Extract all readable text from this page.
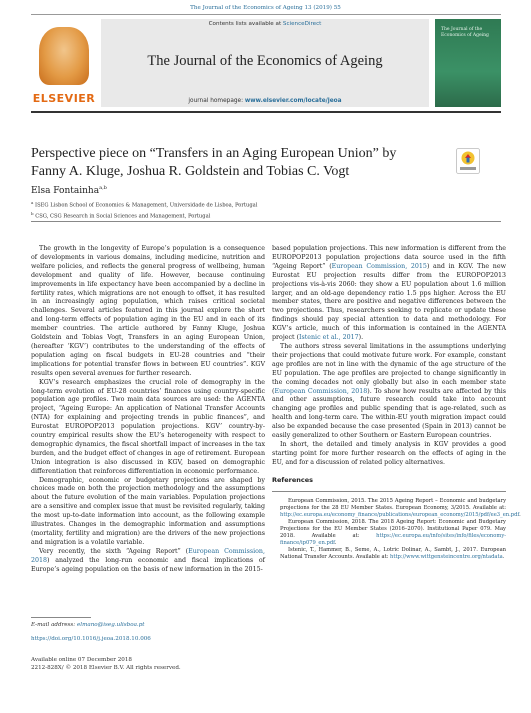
The Journal of the Economics of Ageing 13 (2019) 55
ELSEVIER
Contents lists available at ScienceDirect
The Journal of the Economics of Ageing
journal homepage: www.elsevier.com/locate/jeoa
The Journal of the Economics of Ageing
Perspective piece on “Transfers in an Aging European Union” by Fanny A. Kluge, Joshua R. Goldstein and Tobias C. Vogt
Elsa Fontainha$^{a,b}$
$^a$ ISEG Lisbon School of Economics & Management, Universidade de Lisboa, Portugal
$^b$ CSG, CSG Research in Social Sciences and Management, Portugal

The growth in the longevity of Europe’s population is a consequence of developments in various domains, including medicine, nutrition and welfare policies, and reflects the general progress of wellbeing, human development and quality of life. However, because continuing improvements in life expectancy have been accompanied by a decline in fertility rates, which migrations are not enough to offset, it has resulted in an increasingly aging population, which raises critical societal challenges. Several articles featured in this journal explore the short and long-term effects of population aging in the EU and in each of its member countries. The article authored by Fanny Kluge, Joshua Goldstein and Tobias Vogt, Transfers in an aging European Union, (hereafter ‘KGV’) contributes to the understanding of the effects of population aging on fiscal budgets in EU-28 countries and “their implications for potential transfer flows in between EU countries”. KGV results open several avenues for further research.

KGV’s research emphasizes the crucial role of demography in the long-term evolution of EU-28 countries’ finances using country-specific population age profiles. Two main data sources are used: the AGENTA project, “Ageing Europe: An application of National Transfer Accounts (NTA) for explaining and projecting trends in public finances”, and Eurostat EUROPOP2013 population projections. KGV’ country-by-country empirical results show the EU’s heterogeneity with respect to demographic dynamics, the fiscal shortfall impact of increases in the tax burden, and the budget effect of changes in age of retirement. European Union integration is also discussed in KGV, based on demographic differentiation that reinforces differentiation in economic performance.

Demographic, economic or budgetary projections are shaped by choices made on both the projection methodology and the assumptions about the future evolution of the main variables. Population projections are a sensitive and complex issue that must be revisited regularly, taking the most up-to-date information into account, as the following example illustrates. Changes in the demographic information and assumptions (mortality, fertility and migration) are the drivers of the new projections and migration is a volatile variable.

Very recently, the sixth “Ageing Report” (European Commission, 2018) analyzed the long-run economic and fiscal implications of Europe’s ageing population on the basis of new information in the 2015-

based population projections. This new information is different from the EUROPOP2013 population projections data source used in the fifth “Ageing Report” (European Commission, 2015) and in KGV. The new Eurostat EU projection results differ from the EUROPOP2013 projections vis-à-vis 2060: they show a EU population about 1.6 million larger, and an old-age dependency ratio 1.5 pps higher. Across the EU member states, there are positive and negative differences between the two projections. Thus, researchers seeking to replicate or update these findings should pay special attention to data and methodology. For KGV’s article, much of this information is contained in the AGENTA project (Istenic et al., 2017).

The authors stress several limitations in the assumptions underlying their projections that could motivate future work. For example, constant age profiles are not in line with the dynamic of the age structure of the EU population. The age profiles are projected to change significantly in the coming decades not only globally but also in each member state (European Commission, 2018). To show how results are affected by this and other assumptions, future research could take into account changing age profiles and public spending that is age-related, such as health and long-term care. The within-EU youth migration impact could also be expanded because the case presented (Spain in 2013) cannot be easily generalized to other Southern or Eastern European countries.

In short, the detailed and timely analysis in KGV provides a good starting point for more further research on the effects of aging in the EU, and for a discussion of related policy alternatives.

References

European Commission, 2015. The 2015 Ageing Report – Economic and budgetary projections for the 28 EU Member States. European Economy, 3/2015. Available at: http://ec.europa.eu/economy_finance/publications/european_economy/2015/pdf/ee3_en.pdf.

European Commission, 2018. The 2018 Ageing Report: Economic and Budgetary Projections for the EU Member States (2016–2070). Institutional Paper 079. May 2018. Available at: https://ec.europa.eu/info/sites/info/files/economy-finance/ip079_en.pdf.

Istenic, T., Hammer, B., Seme, A., Lotric Dolinar, A., Sambt, J., 2017. European National Transfer Accounts. Available at: http://www.wittgensteincentre.org/ntadata.

E-mail address: elmano@iseg.ulisboa.pt
https://doi.org/10.1016/j.jeoa.2018.10.006
Available online 07 December 2018
2212-828X/ © 2018 Elsevier B.V. All rights reserved.
